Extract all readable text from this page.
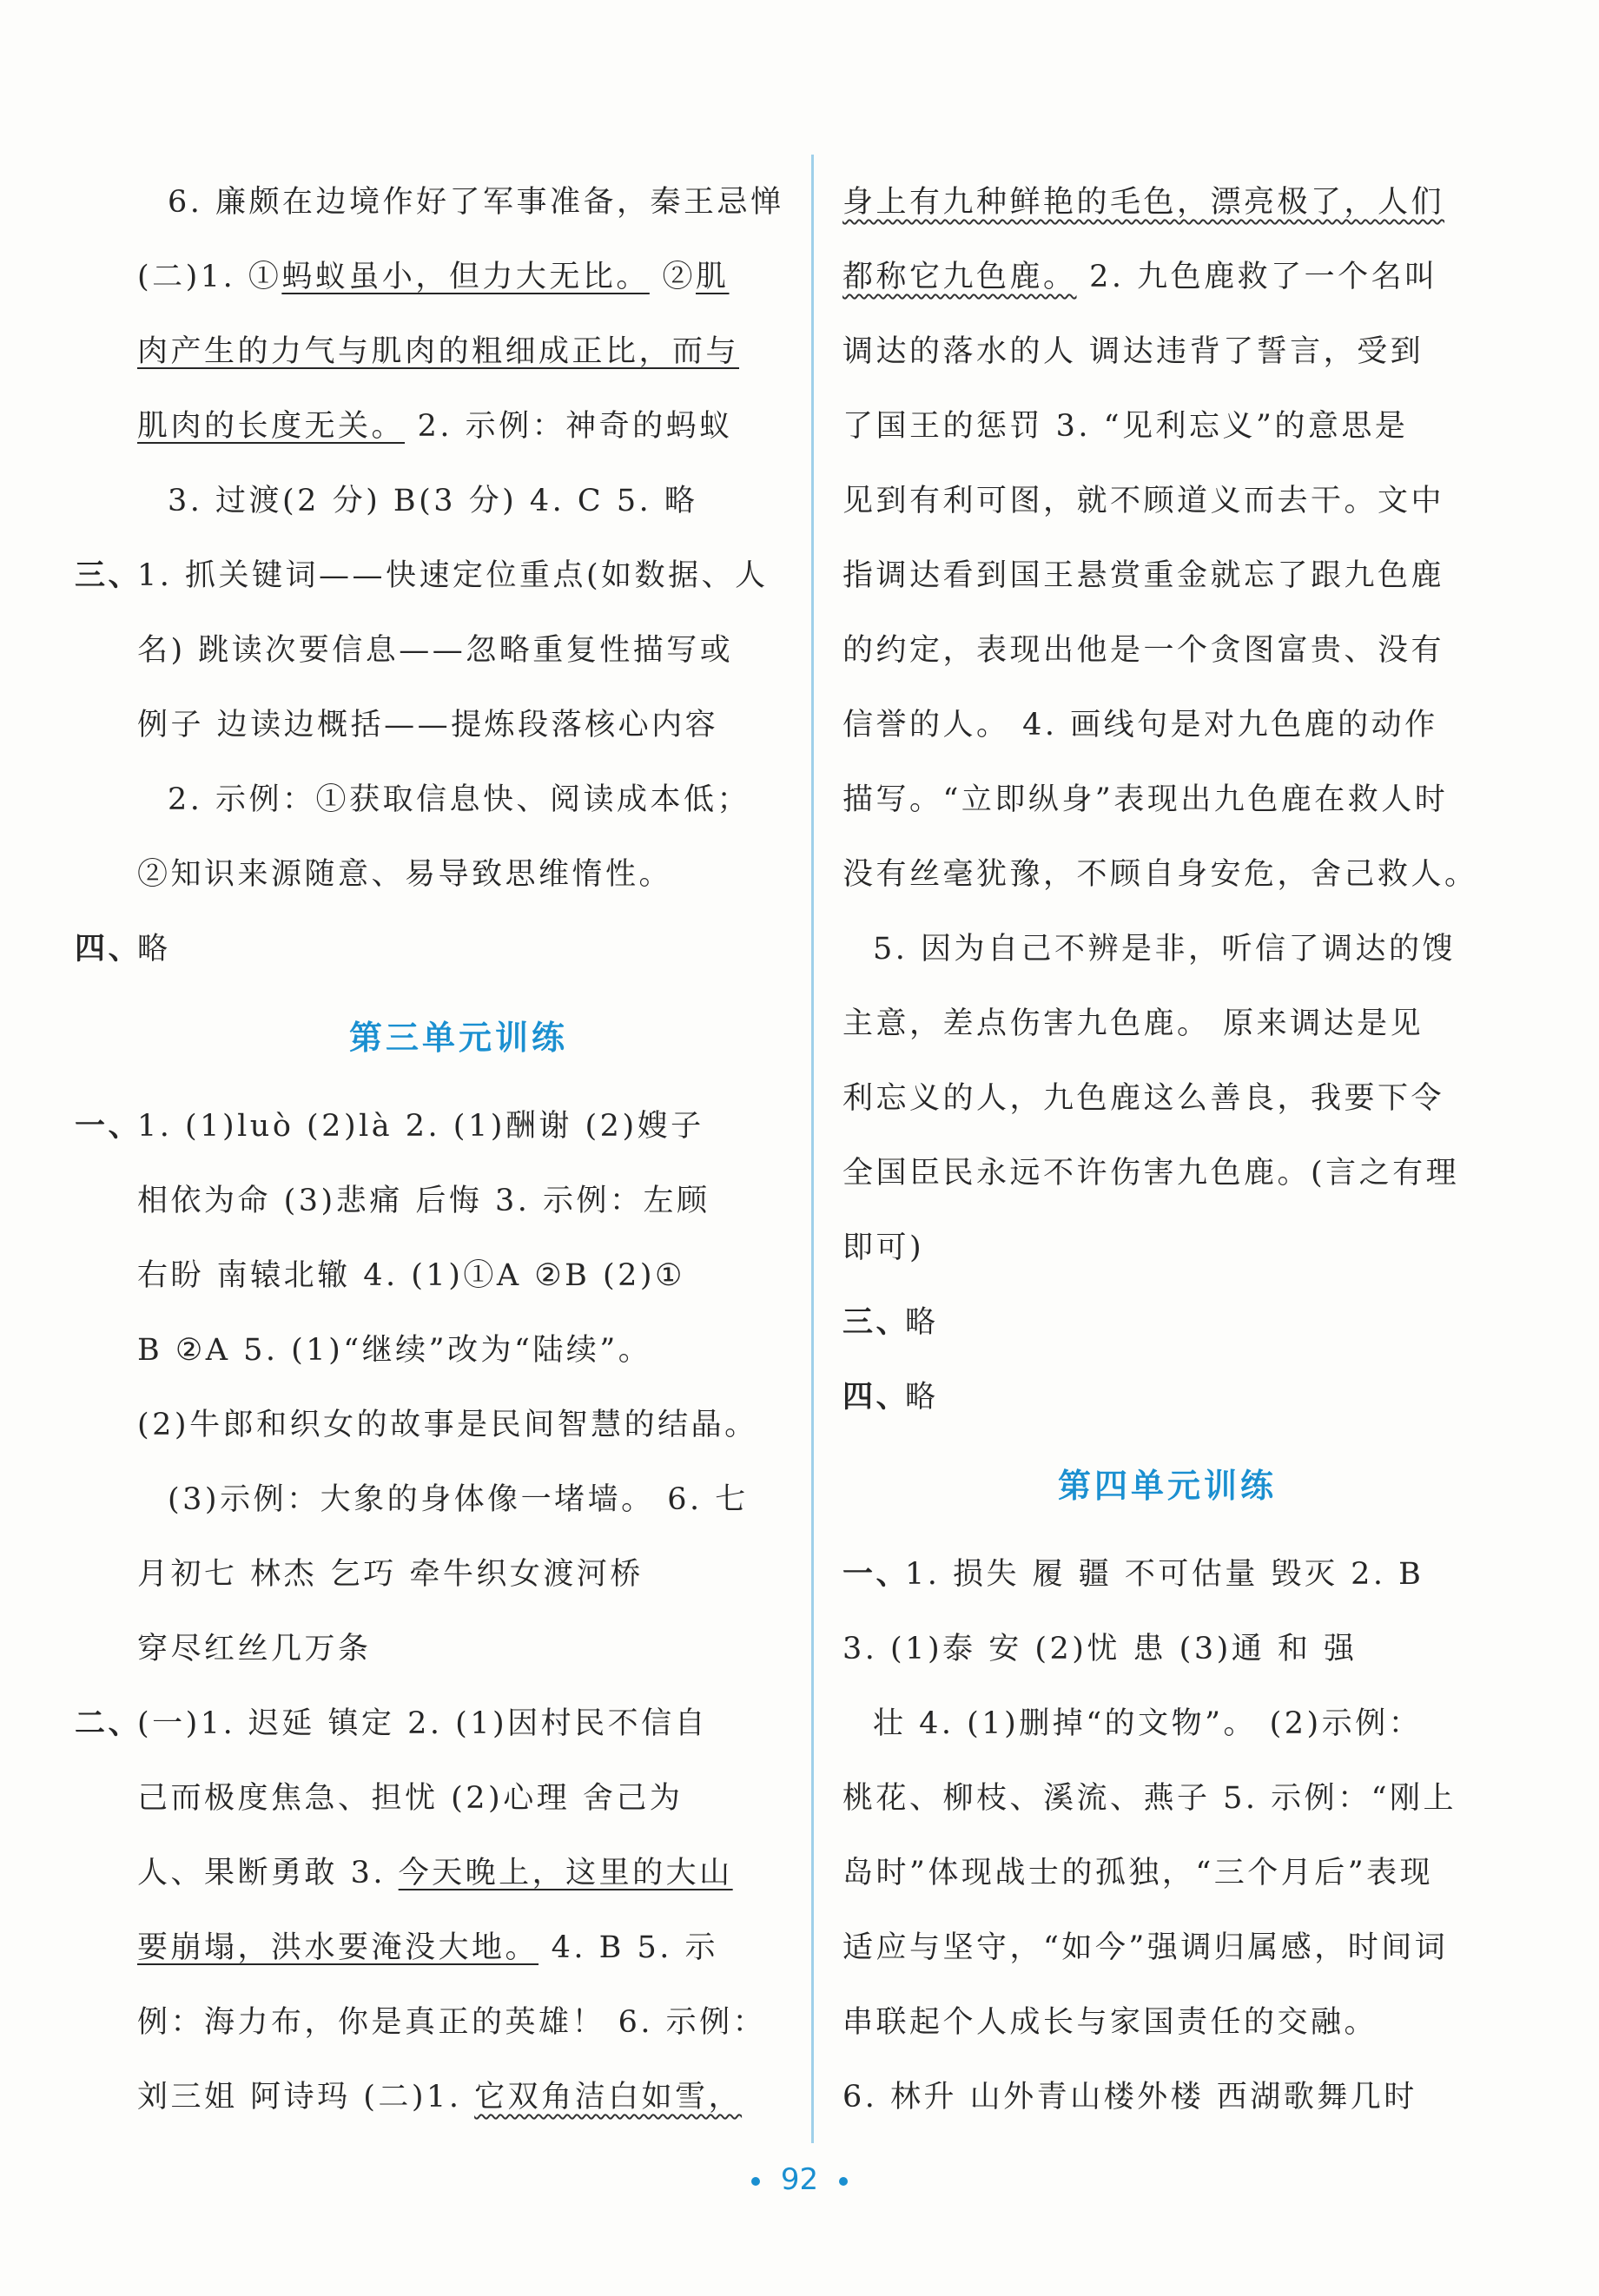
6. 廉颇在边境作好了军事准备，秦王忌惮
(二)1. ①蚂蚁虽小，但力大无比。 ②肌
肉产生的力气与肌肉的粗细成正比，而与
肌肉的长度无关。 2. 示例：神奇的蚂蚁
3. 过渡(2 分) B(3 分) 4. C 5. 略
三、
1. 抓关键词——快速定位重点(如数据、人
名) 跳读次要信息——忽略重复性描写或
例子 边读边概括——提炼段落核心内容
2. 示例：①获取信息快、阅读成本低；
②知识来源随意、易导致思维惰性。
四、
略
第三单元训练
一、
1. (1)luò (2)là 2. (1)酬谢 (2)嫂子
相依为命 (3)悲痛 后悔 3. 示例：左顾
右盼 南辕北辙 4. (1)①A ②B (2)①
B ②A 5. (1)“继续”改为“陆续”。
(2)牛郎和织女的故事是民间智慧的结晶。
(3)示例：大象的身体像一堵墙。 6. 七
月初七 林杰 乞巧 牵牛织女渡河桥
穿尽红丝几万条
二、
(一)1. 迟延 镇定 2. (1)因村民不信自
己而极度焦急、担忧 (2)心理 舍己为
人、果断勇敢 3. 今天晚上，这里的大山
要崩塌，洪水要淹没大地。 4. B 5. 示
例：海力布，你是真正的英雄！ 6. 示例：
刘三姐 阿诗玛 (二)1. 它双角洁白如雪，
身上有九种鲜艳的毛色，漂亮极了，人们
都称它九色鹿。 2. 九色鹿救了一个名叫
调达的落水的人 调达违背了誓言，受到
了国王的惩罚 3. “见利忘义”的意思是
见到有利可图，就不顾道义而去干。文中
指调达看到国王悬赏重金就忘了跟九色鹿
的约定，表现出他是一个贪图富贵、没有
信誉的人。 4. 画线句是对九色鹿的动作
描写。“立即纵身”表现出九色鹿在救人时
没有丝毫犹豫，不顾自身安危，舍己救人。
5. 因为自己不辨是非，听信了调达的馊
主意，差点伤害九色鹿。 原来调达是见
利忘义的人，九色鹿这么善良，我要下令
全国臣民永远不许伤害九色鹿。(言之有理
即可)
三、
略
四、
略
第四单元训练
一、
1. 损失 履 疆 不可估量 毁灭 2. B
3. (1)泰 安 (2)忧 患 (3)通 和 强
壮 4. (1)删掉“的文物”。 (2)示例：
桃花、柳枝、溪流、燕子 5. 示例：“刚上
岛时”体现战士的孤独，“三个月后”表现
适应与坚守，“如今”强调归属感，时间词
串联起个人成长与家国责任的交融。
6. 林升 山外青山楼外楼 西湖歌舞几时
92
